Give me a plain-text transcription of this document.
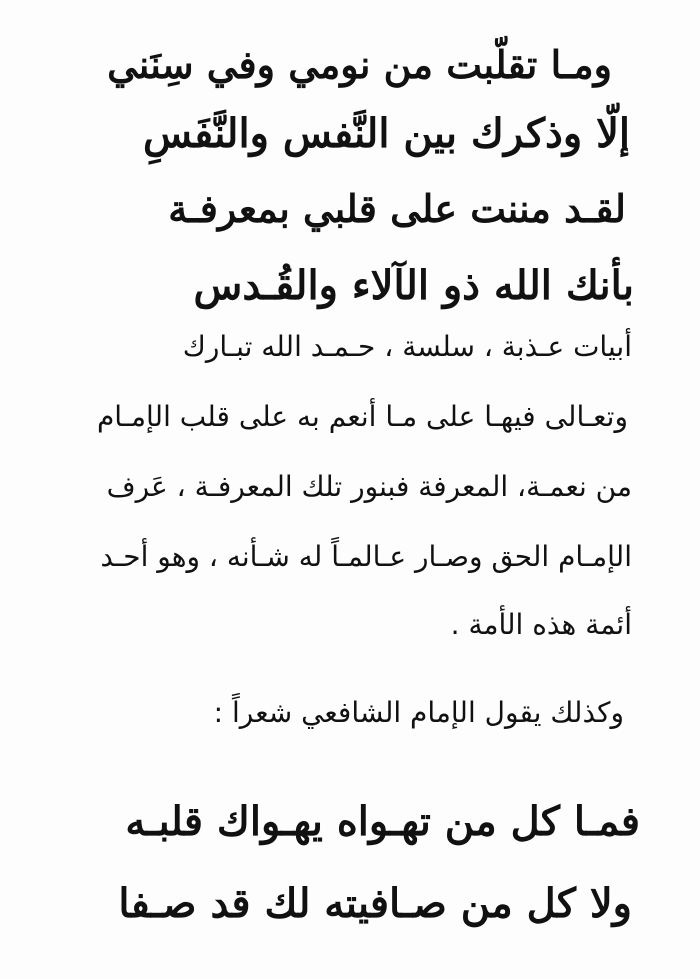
ومـا تقلّبت من نومي وفي سِنَني
إلّا وذكرك بين النَّفس والنَّفَسِ
لقـد مننت على قلبي بمعرفـة
بأنك الله ذو الآلاء والقُـدس
أبيات عـذبة ، سلسة ، حـمـد الله تبـارك
وتعـالى فيهـا على مـا أنعم به على قلب الإمـام
من نعمـة، المعرفة فبنور تلك المعرفـة ، عَرف
الإمـام الحق وصـار عـالمـاً له شـأنه ، وهو أحـد
أئمة هذه الأمة .
وكذلك يقول الإمام الشافعي شعراً :
فمـا كل من تهـواه يهـواك قلبـه
ولا كل من صـافيته لك قد صـفا
